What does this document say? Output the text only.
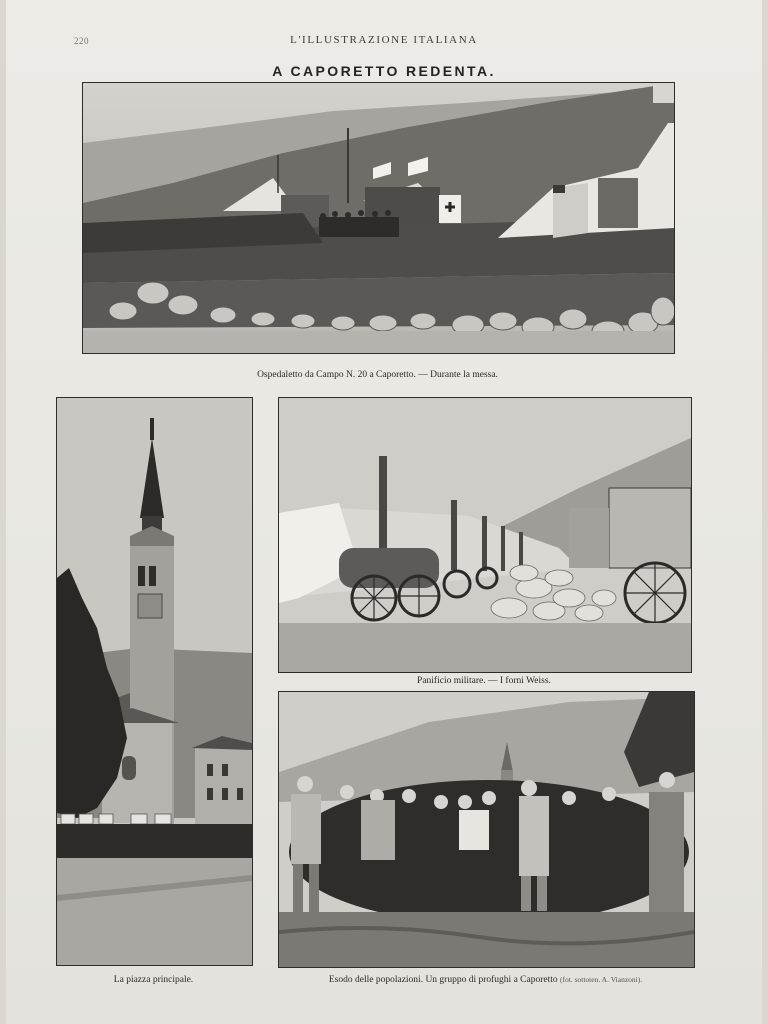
220	L'ILLUSTRAZIONE ITALIANA
A CAPORETTO REDENTA.
Ospedaletto da Campo N. 20 a Caporetto. — Durante la messa.
La piazza principale.
Panificio militare. — I forni Weiss.
Esodo delle popolazioni. Un gruppo di profughi a Caporetto (fot. sottoten. A. Vianzoni).
